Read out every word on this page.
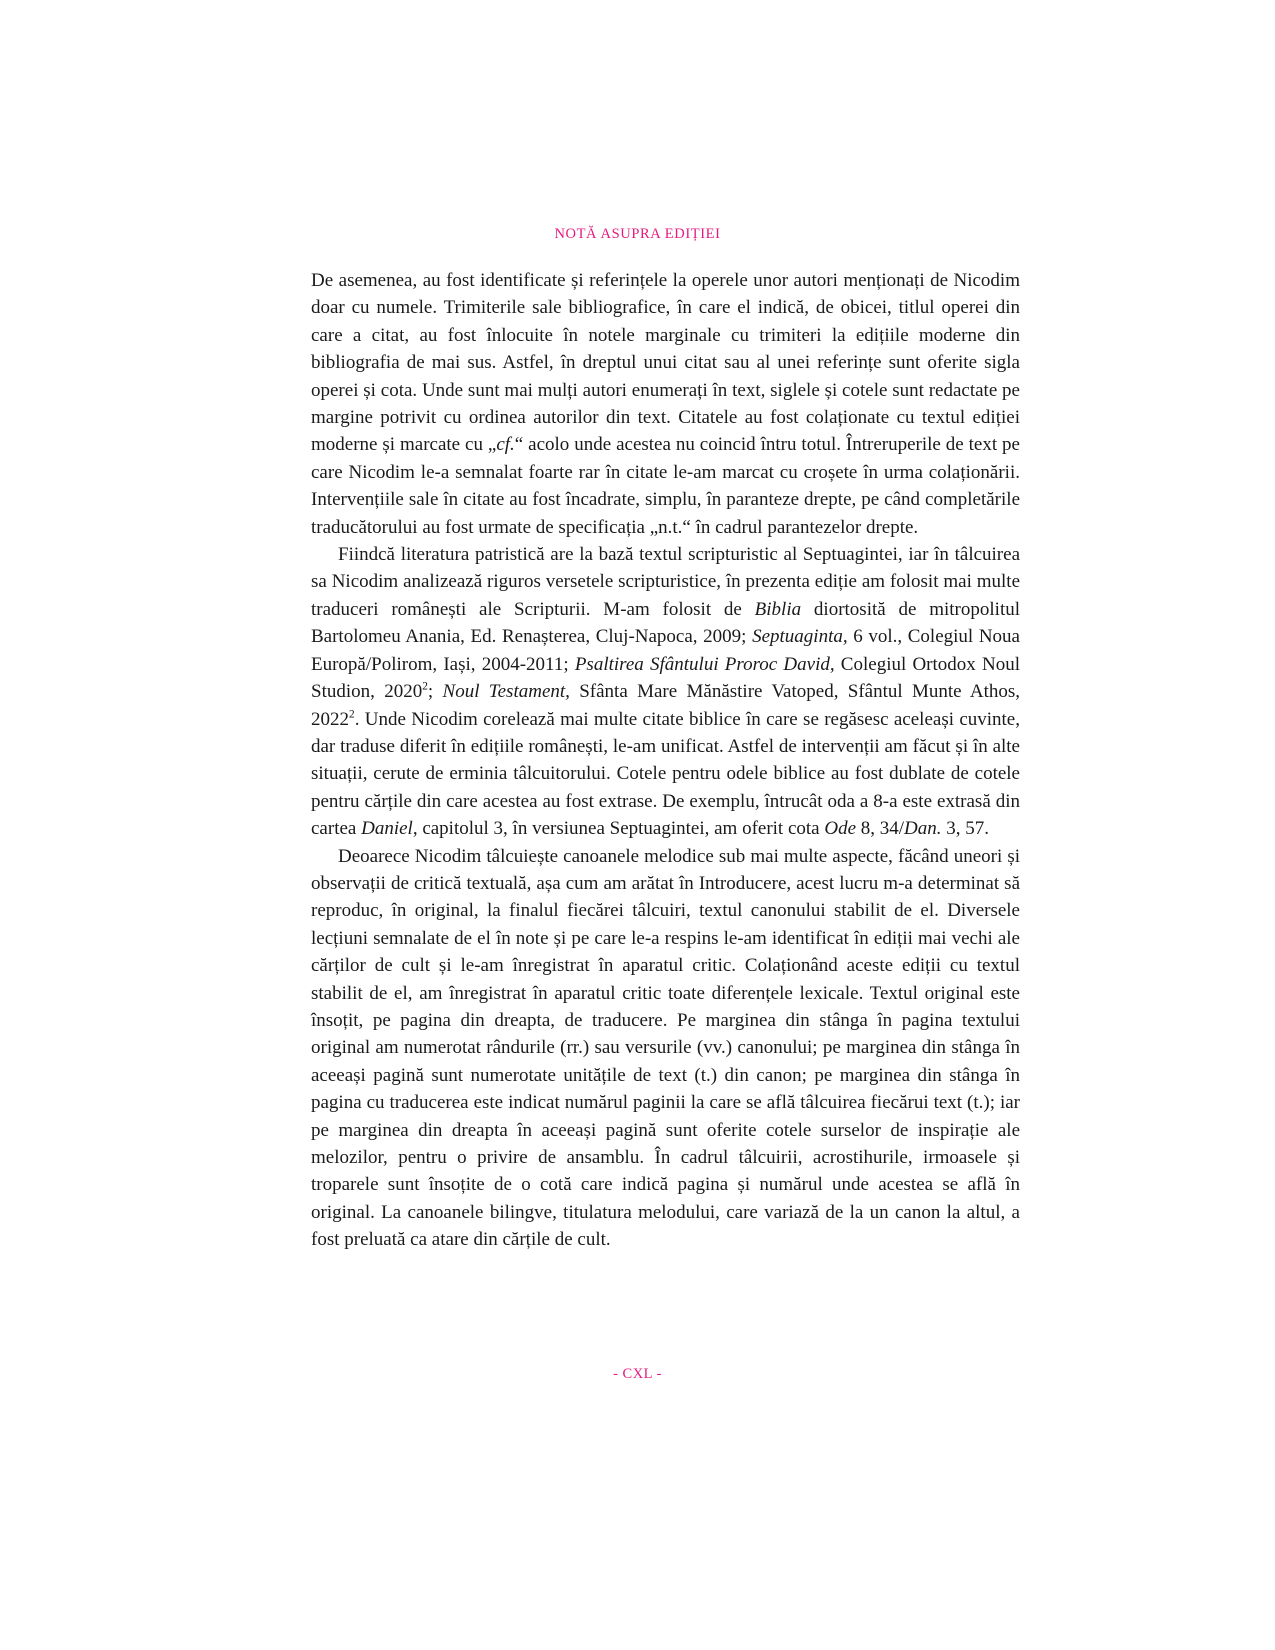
NOTĂ ASUPRA EDIȚIEI

De asemenea, au fost identificate și referințele la operele unor autori menționați de Nicodim doar cu numele. Trimiterile sale bibliografice, în care el indică, de obicei, titlul operei din care a citat, au fost înlocuite în notele marginale cu trimiteri la edițiile moderne din bibliografia de mai sus. Astfel, în dreptul unui citat sau al unei referințe sunt oferite sigla operei și cota. Unde sunt mai mulți autori enumerați în text, siglele și cotele sunt redactate pe margine potrivit cu ordinea autorilor din text. Citatele au fost colaționate cu textul ediției moderne și marcate cu „cf.“ acolo unde acestea nu coincid întru totul. Întreruperile de text pe care Nicodim le-a semnalat foarte rar în citate le-am marcat cu croșete în urma colaționării. Intervențiile sale în citate au fost încadrate, simplu, în paranteze drepte, pe când completările traducătorului au fost urmate de specificația „n.t.“ în cadrul parantezelor drepte.

Fiindcă literatura patristică are la bază textul scripturistic al Septuagintei, iar în tâlcuirea sa Nicodim analizează riguros versetele scripturistice, în prezenta ediție am folosit mai multe traduceri românești ale Scripturii. M-am folosit de Biblia diortosită de mitropolitul Bartolomeu Anania, Ed. Renașterea, Cluj-Napoca, 2009; Septuaginta, 6 vol., Colegiul Noua Europă/Polirom, Iași, 2004-2011; Psaltirea Sfântului Proroc David, Colegiul Ortodox Noul Studion, 2020$^2$; Noul Testament, Sfânta Mare Mănăstire Vatoped, Sfântul Munte Athos, 2022$^2$. Unde Nicodim corelează mai multe citate biblice în care se regăsesc aceleași cuvinte, dar traduse diferit în edițiile românești, le-am unificat. Astfel de intervenții am făcut și în alte situații, cerute de erminia tâlcuitorului. Cotele pentru odele biblice au fost dublate de cotele pentru cărțile din care acestea au fost extrase. De exemplu, întrucât oda a 8-a este extrasă din cartea Daniel, capitolul 3, în versiunea Septuagintei, am oferit cota Ode 8, 34/Dan. 3, 57.

Deoarece Nicodim tâlcuiește canoanele melodice sub mai multe aspecte, făcând uneori și observații de critică textuală, așa cum am arătat în Introducere, acest lucru m-a determinat să reproduc, în original, la finalul fiecărei tâlcuiri, textul canonului stabilit de el. Diversele lecțiuni semnalate de el în note și pe care le-a respins le-am identificat în ediții mai vechi ale cărților de cult și le-am înregistrat în aparatul critic. Colaționând aceste ediții cu textul stabilit de el, am înregistrat în aparatul critic toate diferențele lexicale. Textul original este însoțit, pe pagina din dreapta, de traducere. Pe marginea din stânga în pagina textului original am numerotat rândurile (rr.) sau versurile (vv.) canonului; pe marginea din stânga în aceeași pagină sunt numerotate unitățile de text (t.) din canon; pe marginea din stânga în pagina cu traducerea este indicat numărul paginii la care se află tâlcuirea fiecărui text (t.); iar pe marginea din dreapta în aceeași pagină sunt oferite cotele surselor de inspirație ale melozilor, pentru o privire de ansamblu. În cadrul tâlcuirii, acrostihurile, irmoasele și troparele sunt însoțite de o cotă care indică pagina și numărul unde acestea se află în original. La canoanele bilingve, titulatura melodului, care variază de la un canon la altul, a fost preluată ca atare din cărțile de cult.

- CXL -
